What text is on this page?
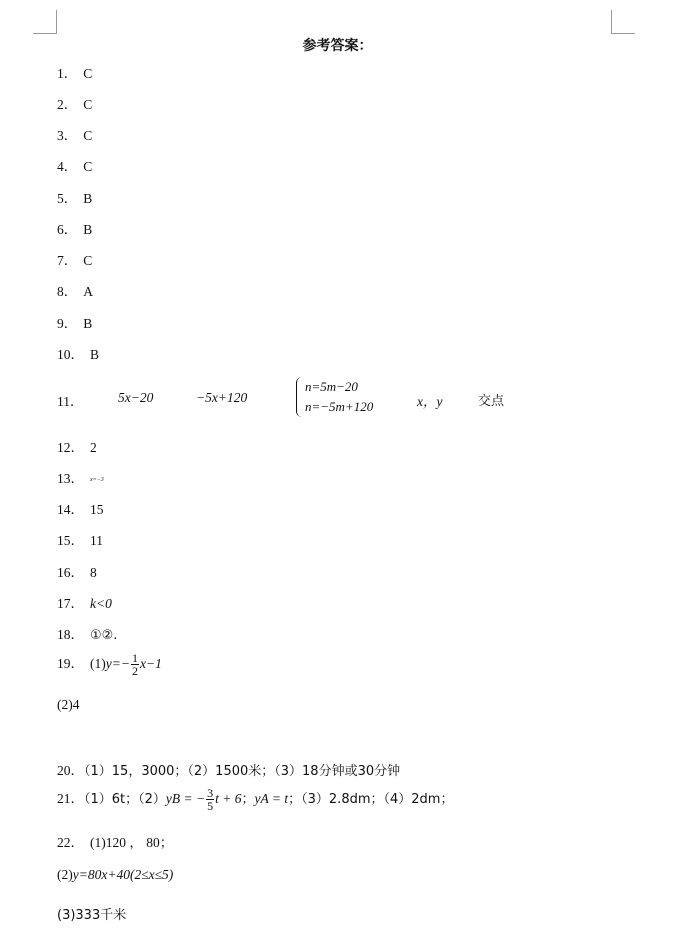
参考答案：
1． C
2． C
3． C
4． C
5． B
6． B
7． C
8． A
9． B
10． B
11．	5x−20	−5x+120
n=5m−20
n=−5m+120	x，y	交点
12． 2
13． x=−3
14． 15
15． 11
16． 8
17． k<0
18． ①②.
19． $(1)y=- \frac{1}{2} x-1$
(2)4
20．（1）15，3000；（2）1500米；（3）18分钟或30分钟
21．（1）6t；（2）yB = − $\frac{3}{5}$ t + 6；yA = t；（3）2.8dm；（4）2dm；
22． (1)120 ， 80；
(2)y=80x+40(2≤x≤5)
(3)333千米
